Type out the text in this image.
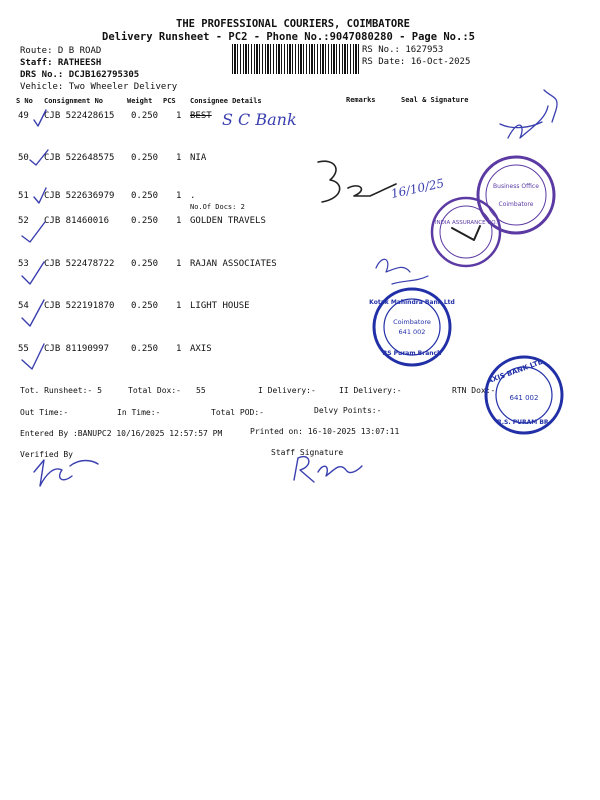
THE PROFESSIONAL COURIERS, COIMBATORE
Delivery Runsheet - PC2 - Phone No.:9047080280 - Page No.:5
Route: D B ROAD
Staff: RATHEESH
DRS No.: DCJB162795305
Vehicle: Two Wheeler Delivery
RS No.: 1627953
RS Date: 16-Oct-2025
S No Consignment No	Weight PCS Consignee Details	Remarks	Seal & Signature
49 CJB 522428615 0.250 1 BEST
50 CJB 522648575 0.250 1 NIA
51 CJB 522636979 0.250 1 .
No.Of Docs: 2
52 CJB 81460016 0.250 1 GOLDEN TRAVELS
53 CJB 522478722 0.250 1 RAJAN ASSOCIATES
54 CJB 522191870 0.250 1 LIGHT HOUSE
55 CJB 81190997 0.250 1 AXIS
Tot. Runsheet:- 5	Total Dox:- 55	I Delivery:-	II Delivery:-	RTN Dox:-
Out Time:-	In Time:-	Total POD:-	Delvy Points:-
Entered By :BANUPC2 10/16/2025 12:57:57 PM	Printed on: 16-10-2025 13:07:11
Verified By	Staff Signature
S C Bank
16/10/25	Business Office
Coimbatore
INDIA ASSURANCE CO.
Kotak Mahindra Bank Ltd
Coimbatore
641 002
RS Puram Branch
AXIS BANK LTD
641 002
R.S. PURAM BR.
